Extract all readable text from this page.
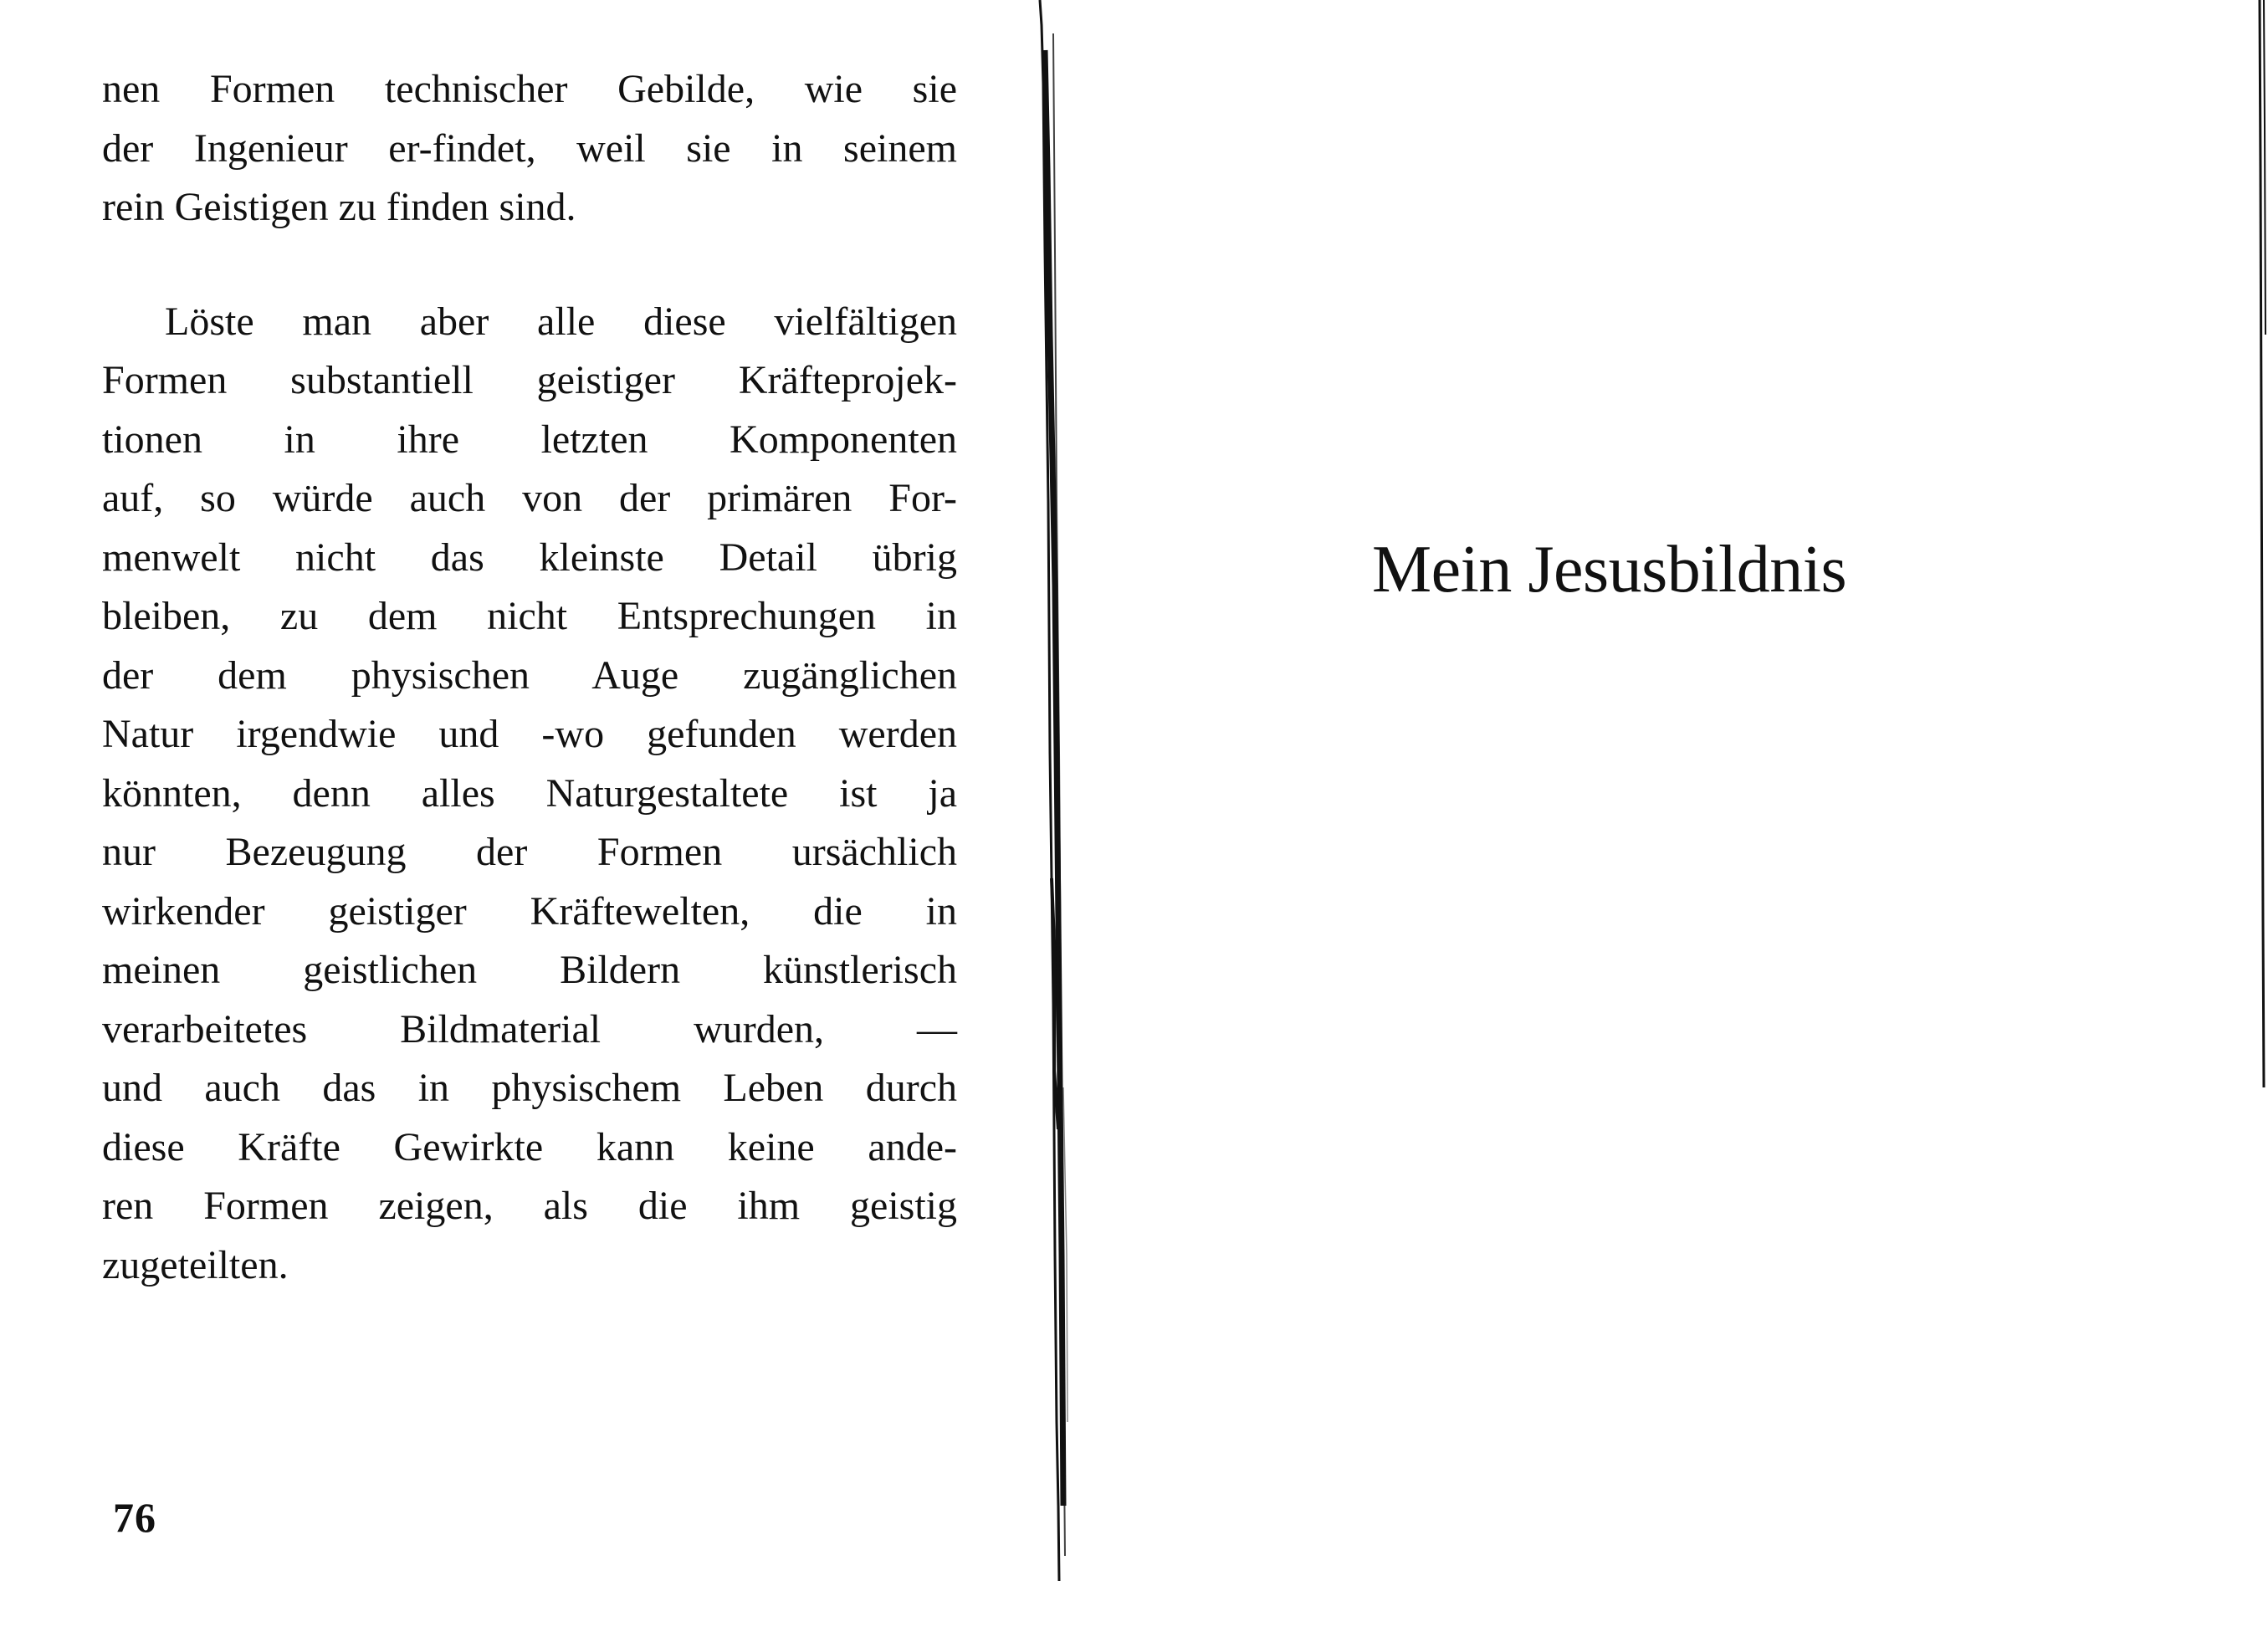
nen Formen technischer Gebilde, wie sie
der Ingenieur er-findet, weil sie in seinem
rein Geistigen zu finden sind.
Löste man aber alle diese vielfältigen
Formen substantiell geistiger Kräfteprojek-
tionen in ihre letzten Komponenten
auf, so würde auch von der primären For-
menwelt nicht das kleinste Detail übrig
bleiben, zu dem nicht Entsprechungen in
der dem physischen Auge zugänglichen
Natur irgendwie und -wo gefunden werden
könnten, denn alles Naturgestaltete ist ja
nur Bezeugung der Formen ursächlich
wirkender geistiger Kräftewelten, die in
meinen geistlichen Bildern künstlerisch
verarbeitetes Bildmaterial wurden, —
und auch das in physischem Leben durch
diese Kräfte Gewirkte kann keine ande-
ren Formen zeigen, als die ihm geistig
zugeteilten.
76
Mein Jesusbildnis
